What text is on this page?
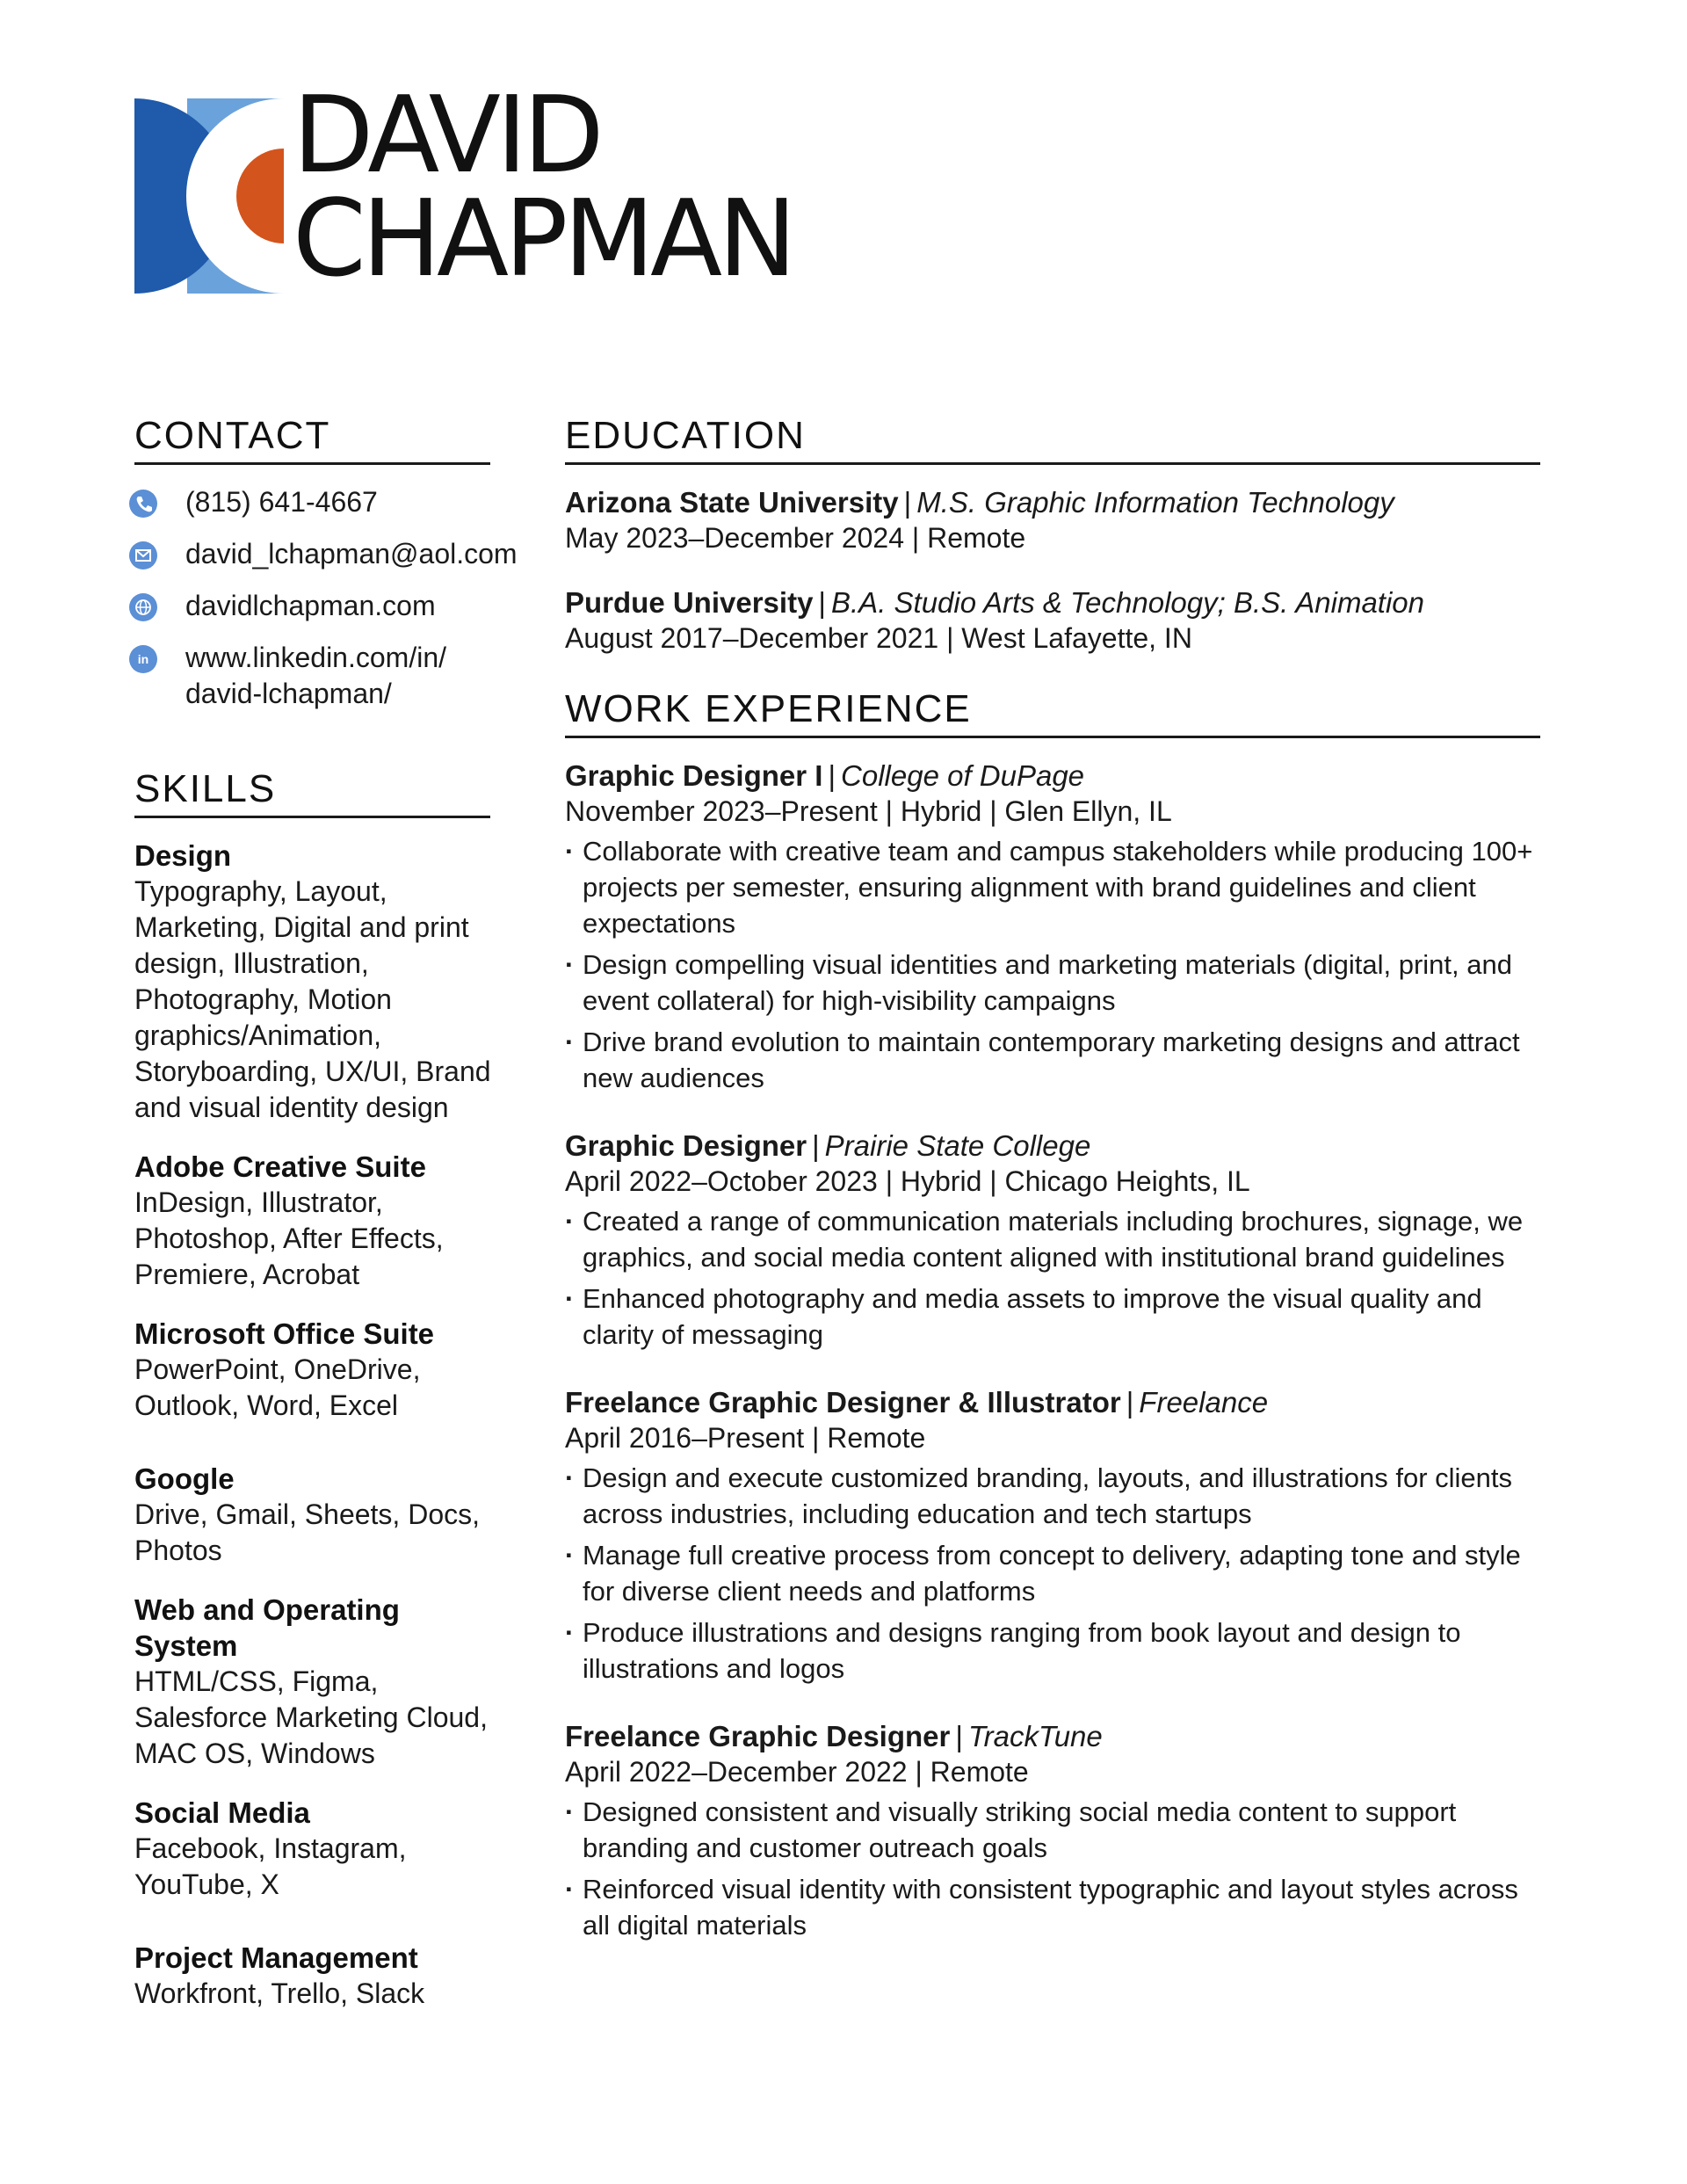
DAVID
CHAPMAN
CONTACT
(815) 641-4667
david_lchapman@aol.com
davidlchapman.com
in www.linkedin.com/in/ david-lchapman/
SKILLS
Design
Typography, Layout, Marketing, Digital and print design, Illustration, Photography, Motion graphics/Animation, Storyboarding, UX/UI, Brand and visual identity design
Adobe Creative Suite
InDesign, Illustrator, Photoshop, After Effects, Premiere, Acrobat
Microsoft Office Suite
PowerPoint, OneDrive, Outlook, Word, Excel
Google
Drive, Gmail, Sheets, Docs, Photos
Web and Operating System
HTML/CSS, Figma, Salesforce Marketing Cloud, MAC OS, Windows
Social Media
Facebook, Instagram, YouTube, X
Project Management
Workfront, Trello, Slack
EDUCATION
Arizona State University | M.S. Graphic Information Technology
May 2023–December 2024 | Remote
Purdue University | B.A. Studio Arts & Technology; B.S. Animation
August 2017–December 2021 | West Lafayette, IN
WORK EXPERIENCE
Graphic Designer I | College of DuPage
November 2023–Present | Hybrid | Glen Ellyn, IL
· Collaborate with creative team and campus stakeholders while producing 100+ projects per semester, ensuring alignment with brand guidelines and client expectations
· Design compelling visual identities and marketing materials (digital, print, and event collateral) for high-visibility campaigns
· Drive brand evolution to maintain contemporary marketing designs and attract new audiences
Graphic Designer | Prairie State College
April 2022–October 2023 | Hybrid | Chicago Heights, IL
· Created a range of communication materials including brochures, signage, we graphics, and social media content aligned with institutional brand guidelines
· Enhanced photography and media assets to improve the visual quality and clarity of messaging
Freelance Graphic Designer & Illustrator | Freelance
April 2016–Present | Remote
· Design and execute customized branding, layouts, and illustrations for clients across industries, including education and tech startups
· Manage full creative process from concept to delivery, adapting tone and style for diverse client needs and platforms
· Produce illustrations and designs ranging from book layout and design to illustrations and logos
Freelance Graphic Designer | TrackTune
April 2022–December 2022 | Remote
· Designed consistent and visually striking social media content to support branding and customer outreach goals
· Reinforced visual identity with consistent typographic and layout styles across all digital materials
